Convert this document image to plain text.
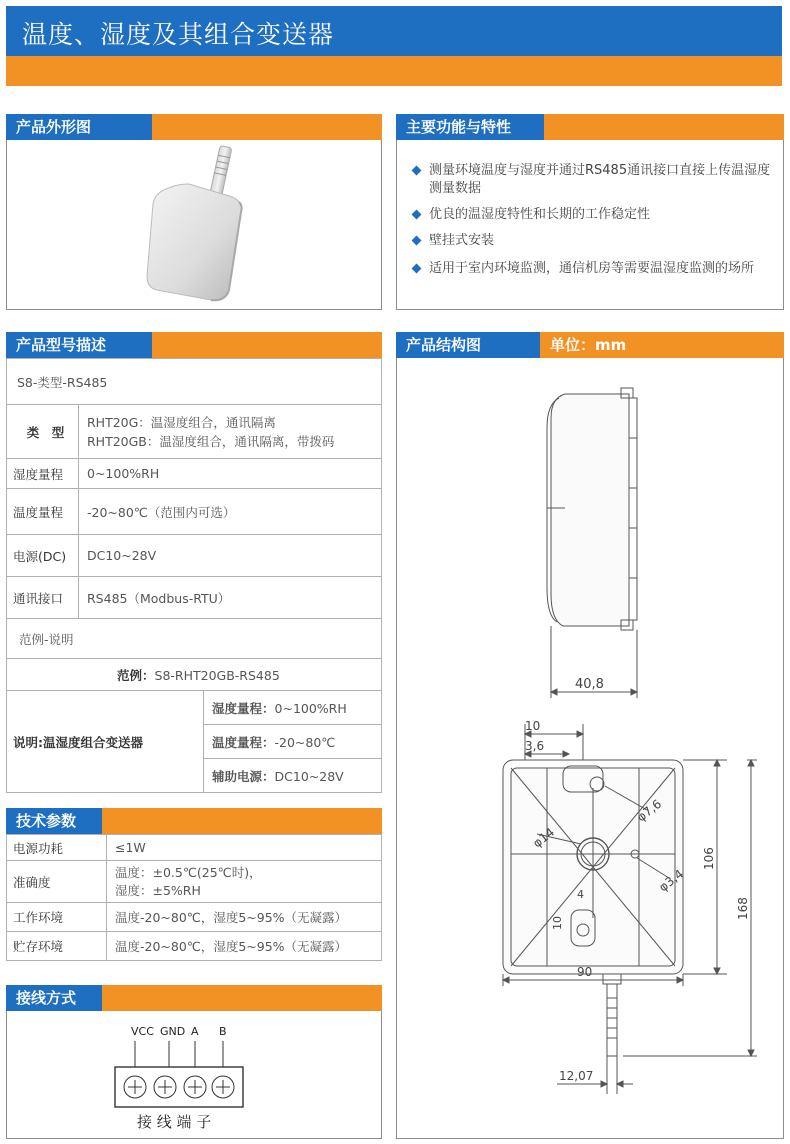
温度、湿度及其组合变送器
产品外形图	主要功能与特性
测量环境温度与湿度并通过RS485通讯接口直接上传温湿度测量数据
优良的温湿度特性和长期的工作稳定性
壁挂式安装
适用于室内环境监测，通信机房等需要温湿度监测的场所
产品型号描述
S8-类型-RS485		
类　型	RHT20G：温湿度组合，通讯隔离
RHT20GB：温湿度组合，通讯隔离，带拨码	

湿度量程	0~100%RH	
温度量程	-20~80℃（范围内可选）	
电源(DC)	DC10~28V	
通讯接口	RS485（Modbus-RTU）	
范例-说明		
范例：S8-RHT20GB-RS485		
说明:温湿度组合变送器		湿度量程：0~100%RH
		温度量程：-20~80℃
		辅助电源：DC10~28V
技术参数
电源功耗	≤1W
准确度	温度：±0.5℃(25℃时)，
湿度：±5%RH

工作环境	温度-20~80℃，湿度5~95%（无凝露）
贮存环境	温度-20~80℃，湿度5~95%（无凝露）
接线方式
VCC GND A B
接 线 端 子
产品结构图	单位：mm
40,8
10
3,6
φ7,6
φ14
φ3,4
4
10
106
168
90
12,07
